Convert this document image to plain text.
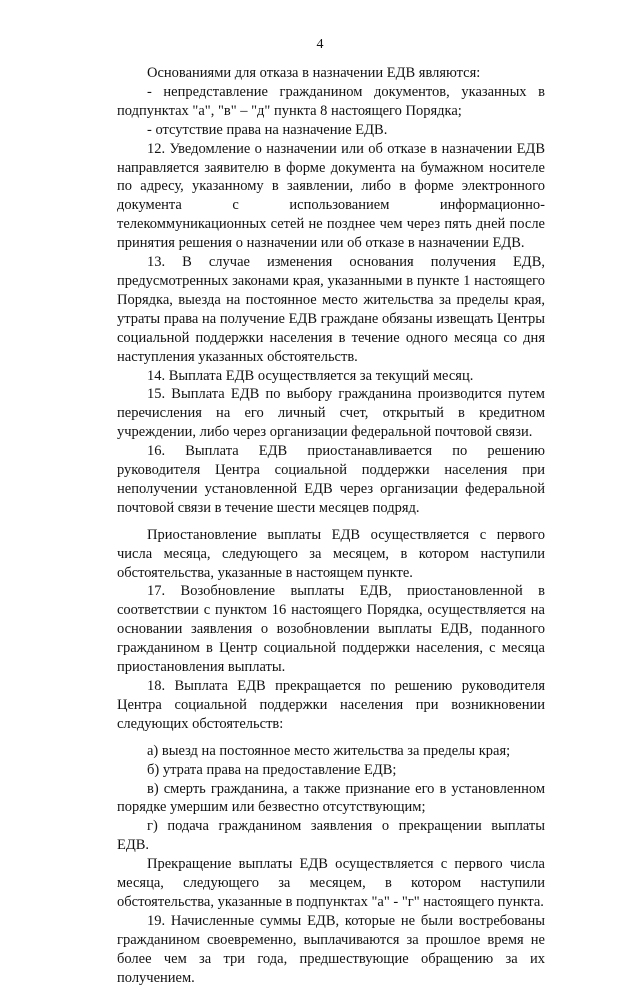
4

Основаниями для отказа в назначении ЕДВ являются:

- непредставление гражданином документов, указанных в подпунктах "а", "в" – "д" пункта 8 настоящего Порядка;

- отсутствие права на назначение ЕДВ.

12. Уведомление о назначении или об отказе в назначении ЕДВ направляется заявителю в форме документа на бумажном носителе по адресу, указанному в заявлении, либо в форме электронного документа с использованием информационно-телекоммуникационных сетей не позднее чем через пять дней после принятия решения о назначении или об отказе в назначении ЕДВ.

13. В случае изменения основания получения ЕДВ, предусмотренных законами края, указанными в пункте 1 настоящего Порядка, выезда на постоянное место жительства за пределы края, утраты права на получение ЕДВ граждане обязаны извещать Центры социальной поддержки населения в течение одного месяца со дня наступления указанных обстоятельств.

14. Выплата ЕДВ осуществляется за текущий месяц.

15. Выплата ЕДВ по выбору гражданина производится путем перечисления на его личный счет, открытый в кредитном учреждении, либо через организации федеральной почтовой связи.

16. Выплата ЕДВ приостанавливается по решению руководителя Центра социальной поддержки населения при неполучении установленной ЕДВ через организации федеральной почтовой связи в течение шести месяцев подряд.

Приостановление выплаты ЕДВ осуществляется с первого числа месяца, следующего за месяцем, в котором наступили обстоятельства, указанные в настоящем пункте.

17. Возобновление выплаты ЕДВ, приостановленной в соответствии с пунктом 16 настоящего Порядка, осуществляется на основании заявления о возобновлении выплаты ЕДВ, поданного гражданином в Центр социальной поддержки населения, с месяца приостановления выплаты.

18. Выплата ЕДВ прекращается по решению руководителя Центра социальной поддержки населения при возникновении следующих обстоятельств:

а) выезд на постоянное место жительства за пределы края;

б) утрата права на предоставление ЕДВ;

в) смерть гражданина, а также признание его в установленном порядке умершим или безвестно отсутствующим;

г) подача гражданином заявления о прекращении выплаты ЕДВ.

Прекращение выплаты ЕДВ осуществляется с первого числа месяца, следующего за месяцем, в котором наступили обстоятельства, указанные в подпунктах "а" - "г" настоящего пункта.

19. Начисленные суммы ЕДВ, которые не были востребованы гражданином своевременно, выплачиваются за прошлое время не более чем за три года, предшествующие обращению за их получением.
